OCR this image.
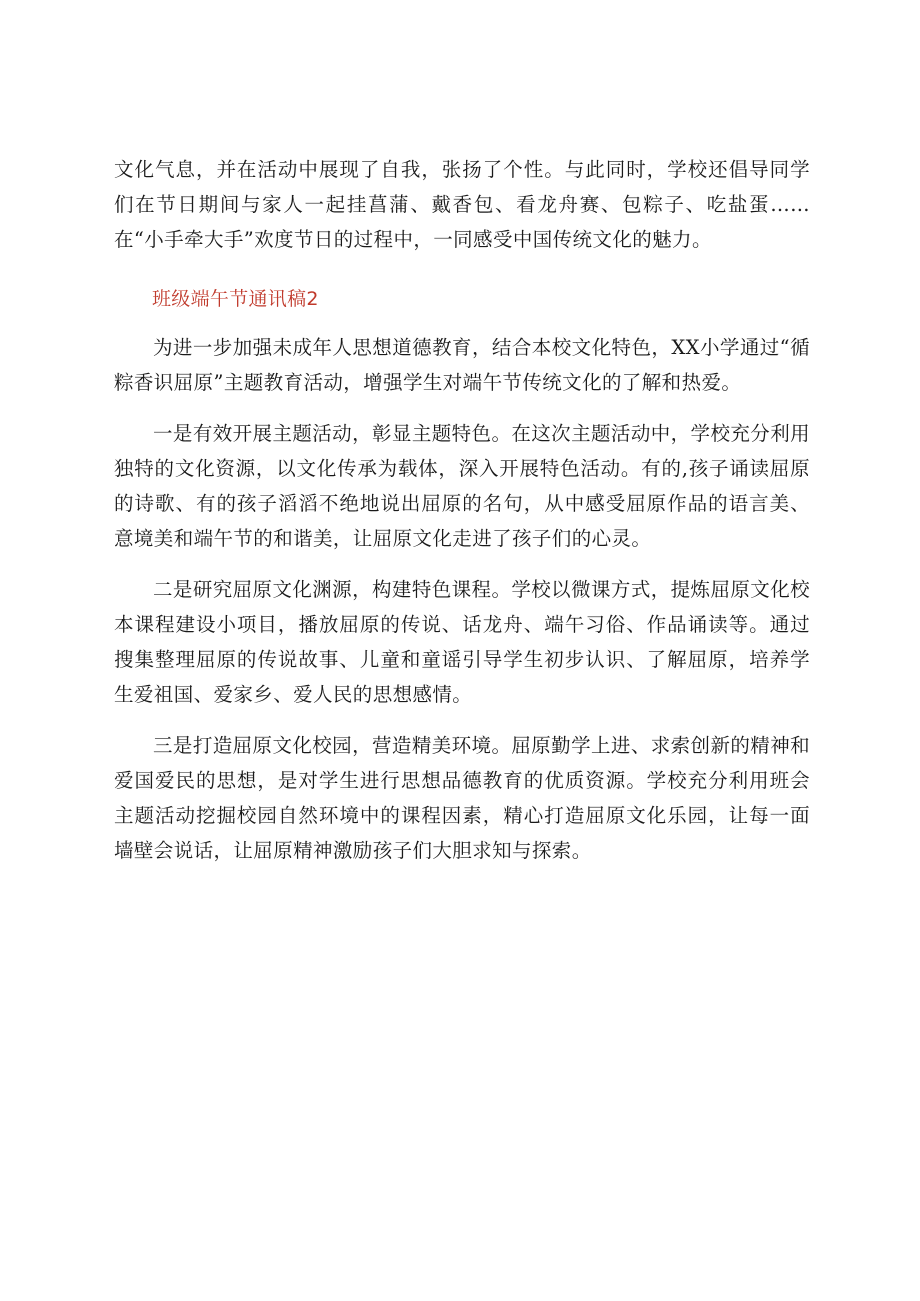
文化气息，并在活动中展现了自我，张扬了个性。与此同时，学校还倡导同学们在节日期间与家人一起挂菖蒲、戴香包、看龙舟赛、包粽子、吃盐蛋……在“小手牵大手”欢度节日的过程中，一同感受中国传统文化的魅力。

班级端午节通讯稿2

为进一步加强未成年人思想道德教育，结合本校文化特色，XX小学通过“循粽香识屈原”主题教育活动，增强学生对端午节传统文化的了解和热爱。

一是有效开展主题活动，彰显主题特色。在这次主题活动中，学校充分利用独特的文化资源，以文化传承为载体，深入开展特色活动。有的,孩子诵读屈原的诗歌、有的孩子滔滔不绝地说出屈原的名句，从中感受屈原作品的语言美、意境美和端午节的和谐美，让屈原文化走进了孩子们的心灵。

二是研究屈原文化渊源，构建特色课程。学校以微课方式，提炼屈原文化校本课程建设小项目，播放屈原的传说、话龙舟、端午习俗、作品诵读等。通过搜集整理屈原的传说故事、儿童和童谣引导学生初步认识、了解屈原，培养学生爱祖国、爱家乡、爱人民的思想感情。

三是打造屈原文化校园，营造精美环境。屈原勤学上进、求索创新的精神和爱国爱民的思想，是对学生进行思想品德教育的优质资源。学校充分利用班会主题活动挖掘校园自然环境中的课程因素，精心打造屈原文化乐园，让每一面墙壁会说话，让屈原精神激励孩子们大胆求知与探索。
